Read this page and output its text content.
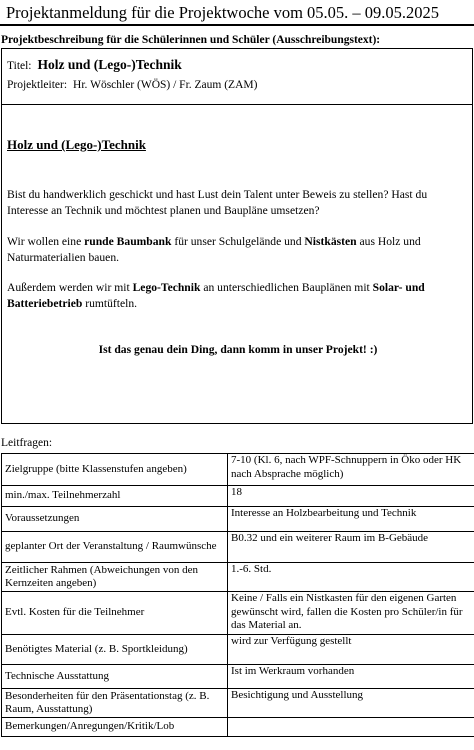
Projektanmeldung für die Projektwoche vom 05.05. – 09.05.2025
Projektbeschreibung für die Schülerinnen und Schüler (Ausschreibungstext):
Titel: Holz und (Lego-)Technik
Projektleiter: Hr. Wöschler (WÖS) / Fr. Zaum (ZAM)
Holz und (Lego-)Technik

Bist du handwerklich geschickt und hast Lust dein Talent unter Beweis zu stellen? Hast du Interesse an Technik und möchtest planen und Baupläne umsetzen?

Wir wollen eine runde Baumbank für unser Schulgelände und Nistkästen aus Holz und Naturmaterialien bauen.

Außerdem werden wir mit Lego-Technik an unterschiedlichen Bauplänen mit Solar- und Batteriebetrieb rumtüfteln.

Ist das genau dein Ding, dann komm in unser Projekt! :)

Leitfragen:
Zielgruppe (bitte Klassenstufen angeben)	7-10 (Kl. 6, nach WPF-Schnuppern in Öko oder HK nach Absprache möglich)
min./max. Teilnehmerzahl	18
Voraussetzungen	Interesse an Holzbearbeitung und Technik
geplanter Ort der Veranstaltung / Raumwünsche	B0.32 und ein weiterer Raum im B-Gebäude
Zeitlicher Rahmen (Abweichungen von den Kernzeiten angeben)	1.-6. Std.
Evtl. Kosten für die Teilnehmer	Keine / Falls ein Nistkasten für den eigenen Garten gewünscht wird, fallen die Kosten pro Schüler/in für das Material an.
Benötigtes Material (z. B. Sportkleidung)	wird zur Verfügung gestellt
Technische Ausstattung	Ist im Werkraum vorhanden
Besonderheiten für den Präsentationstag (z. B. Raum, Ausstattung)	Besichtigung und Ausstellung
Bemerkungen/Anregungen/Kritik/Lob	
